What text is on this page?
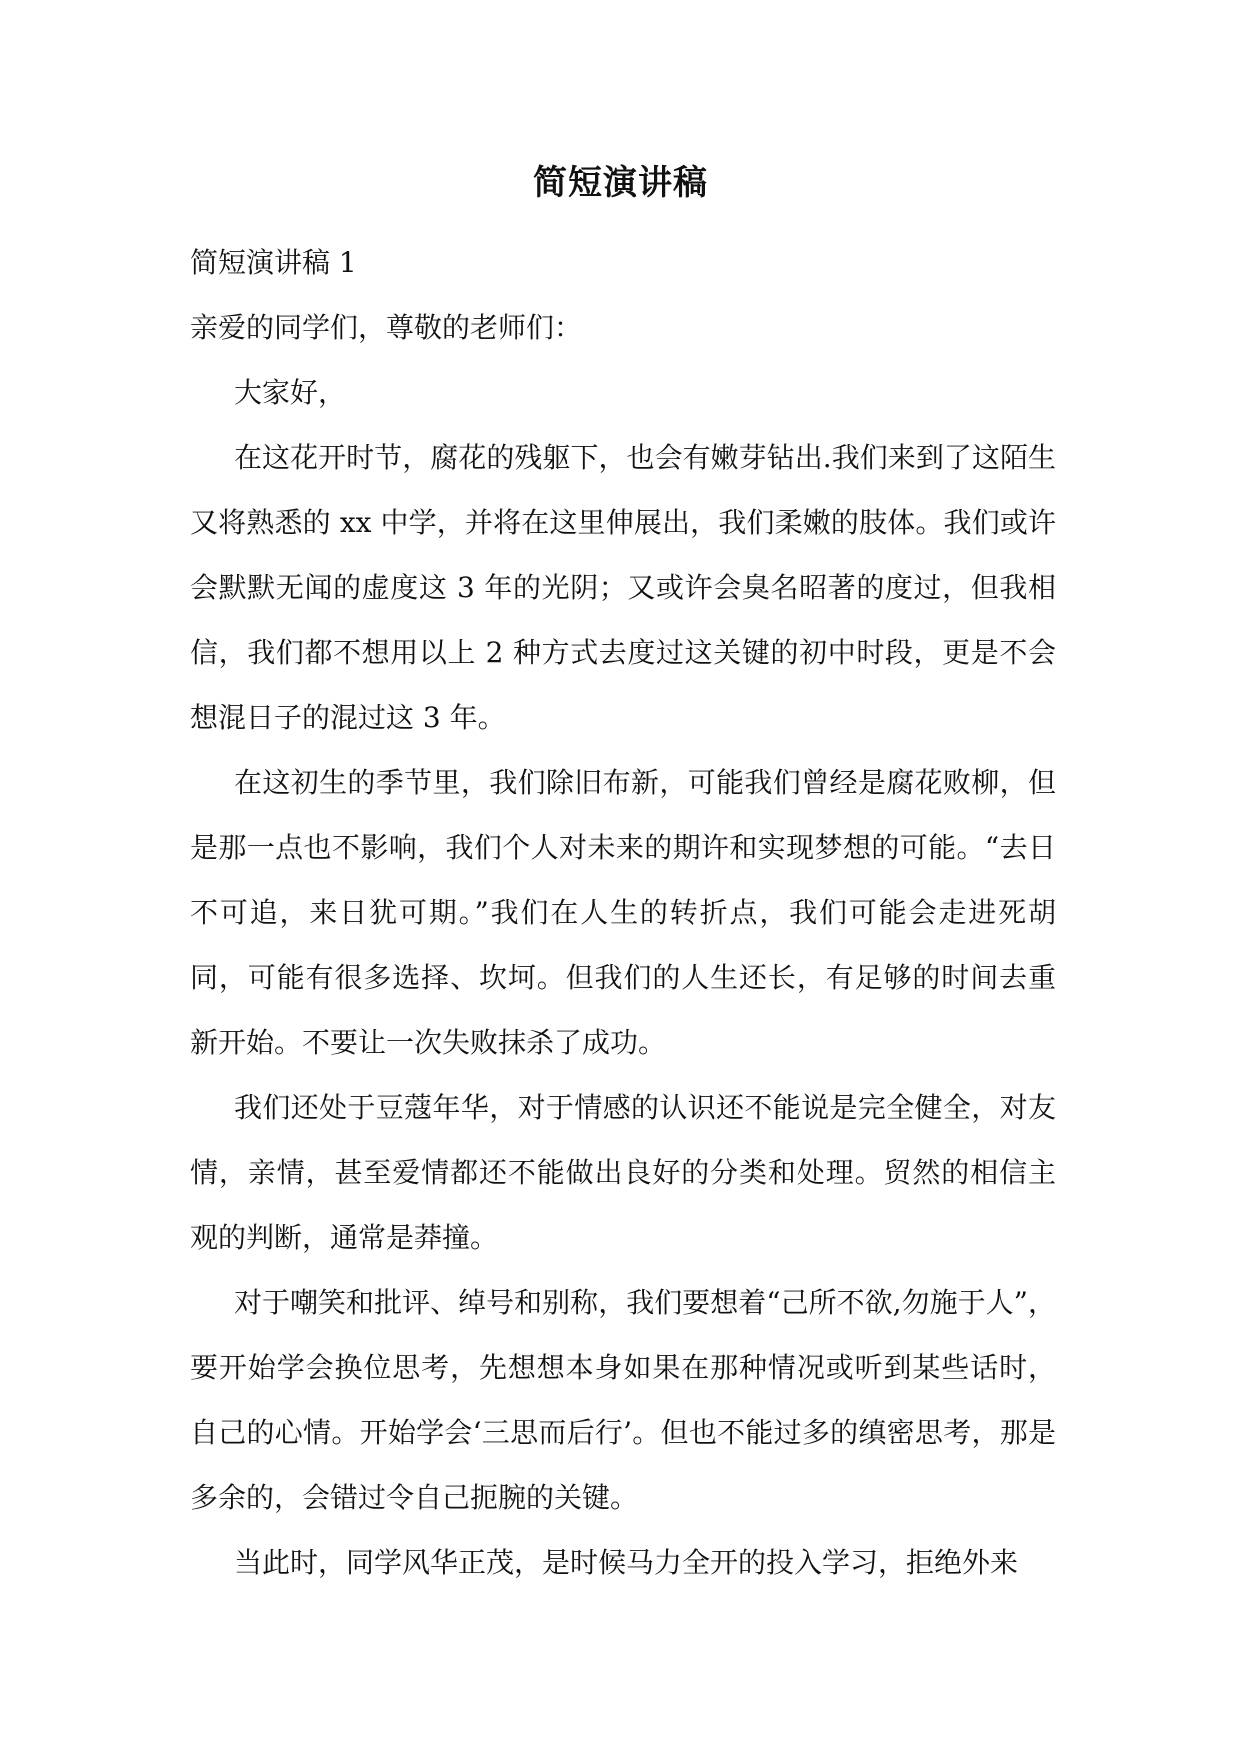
简短演讲稿

简短演讲稿 1

亲爱的同学们，尊敬的老师们：

大家好，

在这花开时节，腐花的残躯下，也会有嫩芽钻出.我们来到了这陌生又将熟悉的 xx 中学，并将在这里伸展出，我们柔嫩的肢体。我们或许会默默无闻的虚度这 3 年的光阴；又或许会臭名昭著的度过，但我相信，我们都不想用以上 2 种方式去度过这关键的初中时段，更是不会想混日子的混过这 3 年。

在这初生的季节里，我们除旧布新，可能我们曾经是腐花败柳，但是那一点也不影响，我们个人对未来的期许和实现梦想的可能。“去日不可追，来日犹可期。”我们在人生的转折点，我们可能会走进死胡同，可能有很多选择、坎坷。但我们的人生还长，有足够的时间去重新开始。不要让一次失败抹杀了成功。

我们还处于豆蔻年华，对于情感的认识还不能说是完全健全，对友情，亲情，甚至爱情都还不能做出良好的分类和处理。贸然的相信主观的判断，通常是莽撞。

对于嘲笑和批评、绰号和别称，我们要想着“己所不欲,勿施于人”，要开始学会换位思考，先想想本身如果在那种情况或听到某些话时，自己的心情。开始学会‘三思而后行’。但也不能过多的缜密思考，那是多余的，会错过令自己扼腕的关键。

当此时，同学风华正茂，是时候马力全开的投入学习，拒绝外来
